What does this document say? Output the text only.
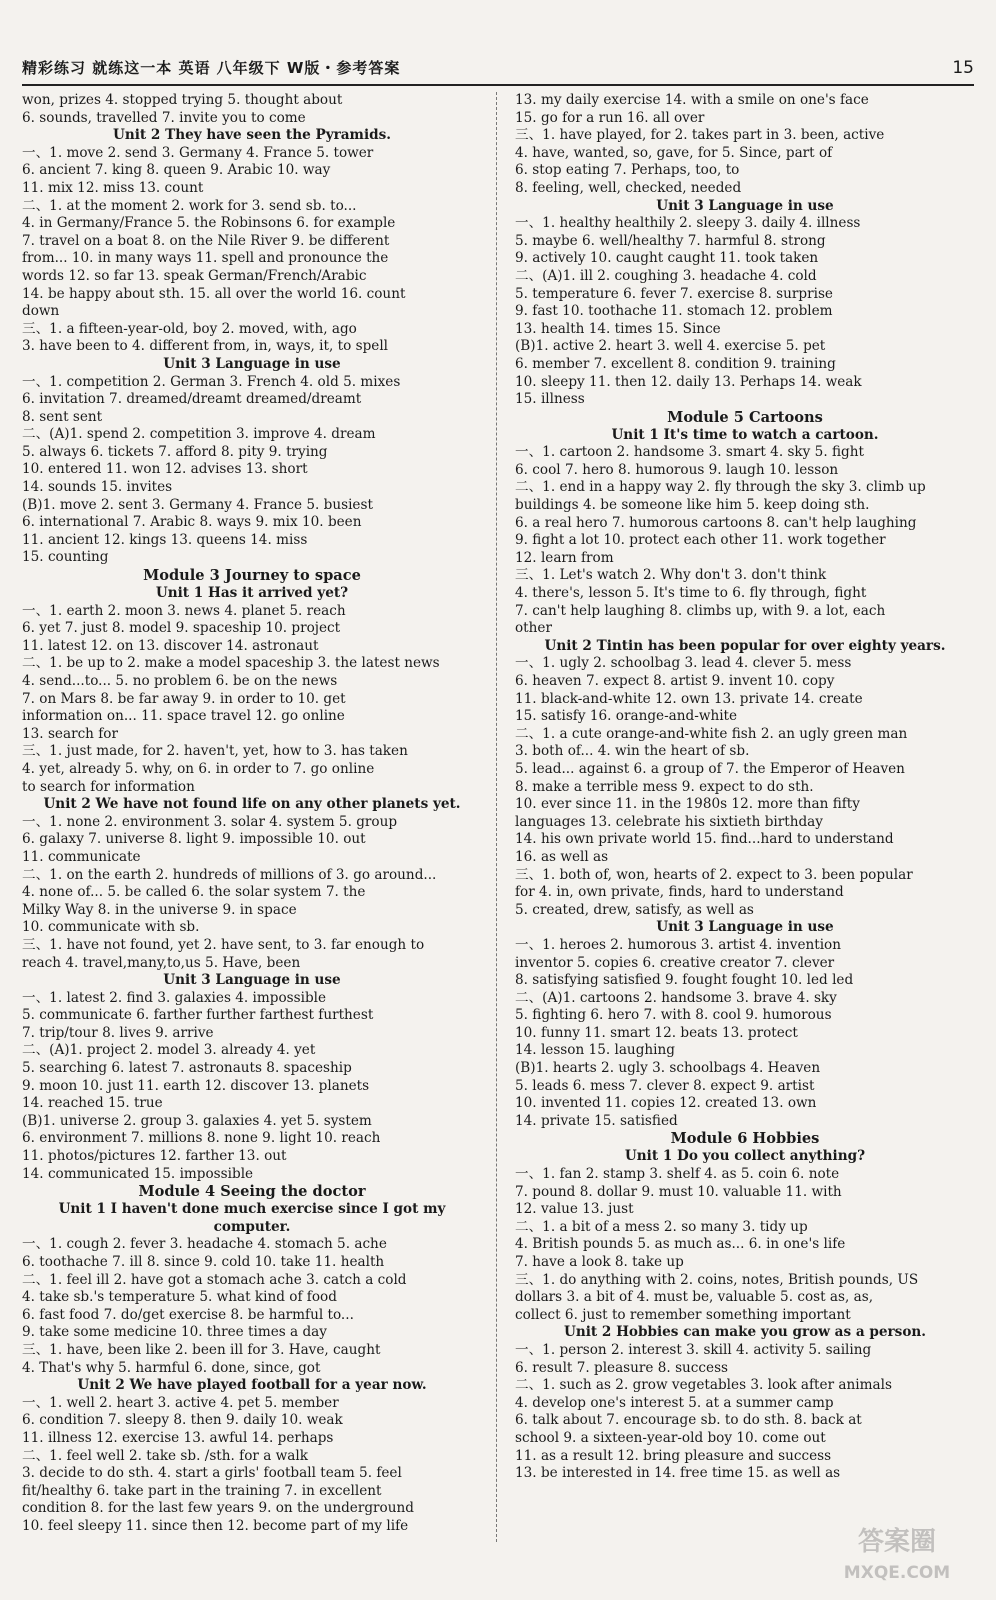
精彩练习 就练这一本 英语 八年级下 W版・参考答案	15
won, prizes 4. stopped trying 5. thought about
6. sounds, travelled 7. invite you to come
Unit 2 They have seen the Pyramids.
一、1. move 2. send 3. Germany 4. France 5. tower
6. ancient 7. king 8. queen 9. Arabic 10. way
11. mix 12. miss 13. count
二、1. at the moment 2. work for 3. send sb. to...
4. in Germany/France 5. the Robinsons 6. for example
7. travel on a boat 8. on the Nile River 9. be different
from... 10. in many ways 11. spell and pronounce the
words 12. so far 13. speak German/French/Arabic
14. be happy about sth. 15. all over the world 16. count
down
三、1. a fifteen-year-old, boy 2. moved, with, ago
3. have been to 4. different from, in, ways, it, to spell
Unit 3 Language in use
一、1. competition 2. German 3. French 4. old 5. mixes
6. invitation 7. dreamed/dreamt dreamed/dreamt
8. sent sent
二、(A)1. spend 2. competition 3. improve 4. dream
5. always 6. tickets 7. afford 8. pity 9. trying
10. entered 11. won 12. advises 13. short
14. sounds 15. invites
(B)1. move 2. sent 3. Germany 4. France 5. busiest
6. international 7. Arabic 8. ways 9. mix 10. been
11. ancient 12. kings 13. queens 14. miss
15. counting
Module 3 Journey to space
Unit 1 Has it arrived yet?
一、1. earth 2. moon 3. news 4. planet 5. reach
6. yet 7. just 8. model 9. spaceship 10. project
11. latest 12. on 13. discover 14. astronaut
二、1. be up to 2. make a model spaceship 3. the latest news
4. send...to... 5. no problem 6. be on the news
7. on Mars 8. be far away 9. in order to 10. get
information on... 11. space travel 12. go online
13. search for
三、1. just made, for 2. haven't, yet, how to 3. has taken
4. yet, already 5. why, on 6. in order to 7. go online
to search for information
Unit 2 We have not found life on any other planets yet.
一、1. none 2. environment 3. solar 4. system 5. group
6. galaxy 7. universe 8. light 9. impossible 10. out
11. communicate
二、1. on the earth 2. hundreds of millions of 3. go around...
4. none of... 5. be called 6. the solar system 7. the
Milky Way 8. in the universe 9. in space
10. communicate with sb.
三、1. have not found, yet 2. have sent, to 3. far enough to
reach 4. travel,many,to,us 5. Have, been
Unit 3 Language in use
一、1. latest 2. find 3. galaxies 4. impossible
5. communicate 6. farther further farthest furthest
7. trip/tour 8. lives 9. arrive
二、(A)1. project 2. model 3. already 4. yet
5. searching 6. latest 7. astronauts 8. spaceship
9. moon 10. just 11. earth 12. discover 13. planets
14. reached 15. true
(B)1. universe 2. group 3. galaxies 4. yet 5. system
6. environment 7. millions 8. none 9. light 10. reach
11. photos/pictures 12. farther 13. out
14. communicated 15. impossible
Module 4 Seeing the doctor
Unit 1 I haven't done much exercise since I got my computer.
一、1. cough 2. fever 3. headache 4. stomach 5. ache
6. toothache 7. ill 8. since 9. cold 10. take 11. health
二、1. feel ill 2. have got a stomach ache 3. catch a cold
4. take sb.'s temperature 5. what kind of food
6. fast food 7. do/get exercise 8. be harmful to...
9. take some medicine 10. three times a day
三、1. have, been like 2. been ill for 3. Have, caught
4. That's why 5. harmful 6. done, since, got
Unit 2 We have played football for a year now.
一、1. well 2. heart 3. active 4. pet 5. member
6. condition 7. sleepy 8. then 9. daily 10. weak
11. illness 12. exercise 13. awful 14. perhaps
二、1. feel well 2. take sb. /sth. for a walk
3. decide to do sth. 4. start a girls' football team 5. feel
fit/healthy 6. take part in the training 7. in excellent
condition 8. for the last few years 9. on the underground
10. feel sleepy 11. since then 12. become part of my life
13. my daily exercise 14. with a smile on one's face
15. go for a run 16. all over
三、1. have played, for 2. takes part in 3. been, active
4. have, wanted, so, gave, for 5. Since, part of
6. stop eating 7. Perhaps, too, to
8. feeling, well, checked, needed
Unit 3 Language in use
一、1. healthy healthily 2. sleepy 3. daily 4. illness
5. maybe 6. well/healthy 7. harmful 8. strong
9. actively 10. caught caught 11. took taken
二、(A)1. ill 2. coughing 3. headache 4. cold
5. temperature 6. fever 7. exercise 8. surprise
9. fast 10. toothache 11. stomach 12. problem
13. health 14. times 15. Since
(B)1. active 2. heart 3. well 4. exercise 5. pet
6. member 7. excellent 8. condition 9. training
10. sleepy 11. then 12. daily 13. Perhaps 14. weak
15. illness
Module 5 Cartoons
Unit 1 It's time to watch a cartoon.
一、1. cartoon 2. handsome 3. smart 4. sky 5. fight
6. cool 7. hero 8. humorous 9. laugh 10. lesson
二、1. end in a happy way 2. fly through the sky 3. climb up
buildings 4. be someone like him 5. keep doing sth.
6. a real hero 7. humorous cartoons 8. can't help laughing
9. fight a lot 10. protect each other 11. work together
12. learn from
三、1. Let's watch 2. Why don't 3. don't think
4. there's, lesson 5. It's time to 6. fly through, fight
7. can't help laughing 8. climbs up, with 9. a lot, each
other
Unit 2 Tintin has been popular for over eighty years.
一、1. ugly 2. schoolbag 3. lead 4. clever 5. mess
6. heaven 7. expect 8. artist 9. invent 10. copy
11. black-and-white 12. own 13. private 14. create
15. satisfy 16. orange-and-white
二、1. a cute orange-and-white fish 2. an ugly green man
3. both of... 4. win the heart of sb.
5. lead... against 6. a group of 7. the Emperor of Heaven
8. make a terrible mess 9. expect to do sth.
10. ever since 11. in the 1980s 12. more than fifty
languages 13. celebrate his sixtieth birthday
14. his own private world 15. find...hard to understand
16. as well as
三、1. both of, won, hearts of 2. expect to 3. been popular
for 4. in, own private, finds, hard to understand
5. created, drew, satisfy, as well as
Unit 3 Language in use
一、1. heroes 2. humorous 3. artist 4. invention
inventor 5. copies 6. creative creator 7. clever
8. satisfying satisfied 9. fought fought 10. led led
二、(A)1. cartoons 2. handsome 3. brave 4. sky
5. fighting 6. hero 7. with 8. cool 9. humorous
10. funny 11. smart 12. beats 13. protect
14. lesson 15. laughing
(B)1. hearts 2. ugly 3. schoolbags 4. Heaven
5. leads 6. mess 7. clever 8. expect 9. artist
10. invented 11. copies 12. created 13. own
14. private 15. satisfied
Module 6 Hobbies
Unit 1 Do you collect anything?
一、1. fan 2. stamp 3. shelf 4. as 5. coin 6. note
7. pound 8. dollar 9. must 10. valuable 11. with
12. value 13. just
二、1. a bit of a mess 2. so many 3. tidy up
4. British pounds 5. as much as... 6. in one's life
7. have a look 8. take up
三、1. do anything with 2. coins, notes, British pounds, US
dollars 3. a bit of 4. must be, valuable 5. cost as, as,
collect 6. just to remember something important
Unit 2 Hobbies can make you grow as a person.
一、1. person 2. interest 3. skill 4. activity 5. sailing
6. result 7. pleasure 8. success
二、1. such as 2. grow vegetables 3. look after animals
4. develop one's interest 5. at a summer camp
6. talk about 7. encourage sb. to do sth. 8. back at
school 9. a sixteen-year-old boy 10. come out
11. as a result 12. bring pleasure and success
13. be interested in 14. free time 15. as well as
答案圈
MXQE.COM
